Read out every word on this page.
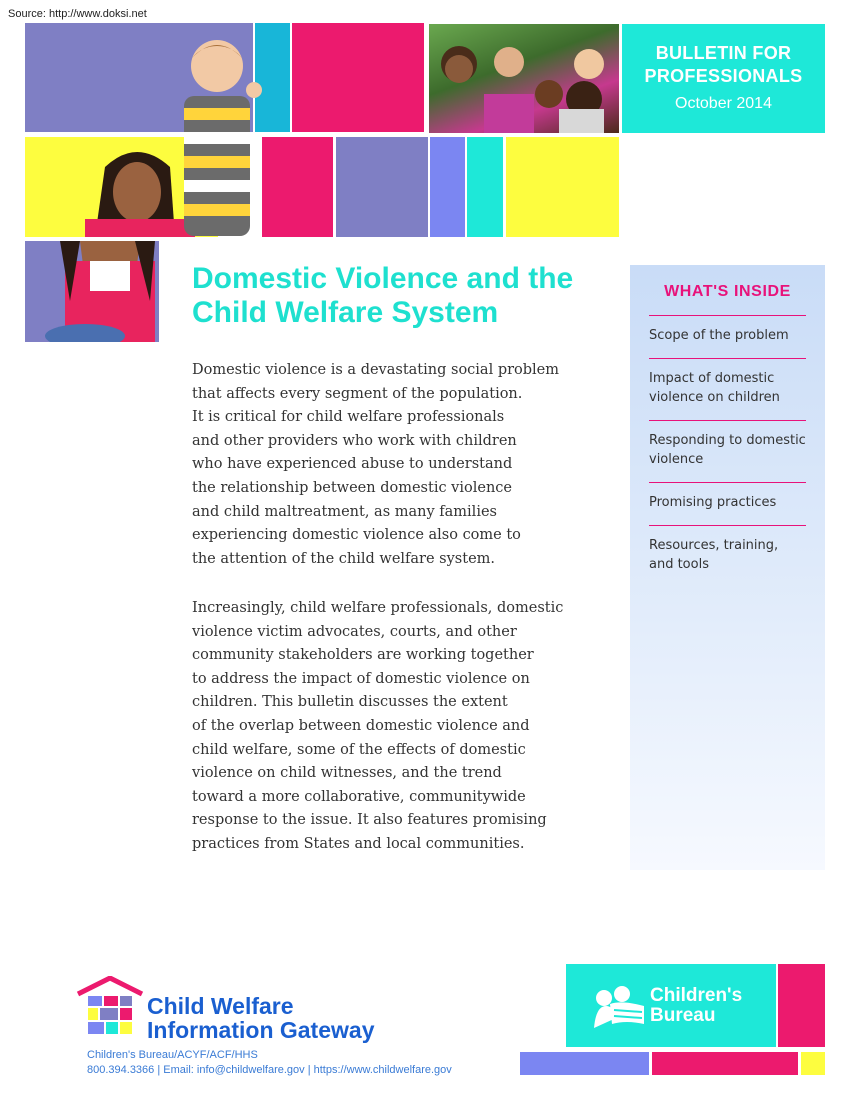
Source: http://www.doksi.net
BULLETIN FOR
PROFESSIONALS
October 2014
Domestic Violence and the
Child Welfare System
Domestic violence is a devastating social problem
that affects every segment of the population.
It is critical for child welfare professionals
and other providers who work with children
who have experienced abuse to understand
the relationship between domestic violence
and child maltreatment, as many families
experiencing domestic violence also come to
the attention of the child welfare system.
Increasingly, child welfare professionals, domestic
violence victim advocates, courts, and other
community stakeholders are working together
to address the impact of domestic violence on
children. This bulletin discusses the extent
of the overlap between domestic violence and
child welfare, some of the effects of domestic
violence on child witnesses, and the trend
toward a more collaborative, communitywide
response to the issue. It also features promising
practices from States and local communities.
WHAT'S INSIDE
Scope of the problem
Impact of domestic violence on children
Responding to domestic violence
Promising practices
Resources, training, and tools
Child Welfare
Information Gateway
Children's Bureau/ACYF/ACF/HHS
800.394.3366 | Email: info@childwelfare.gov | https://www.childwelfare.gov
Children's
Bureau
